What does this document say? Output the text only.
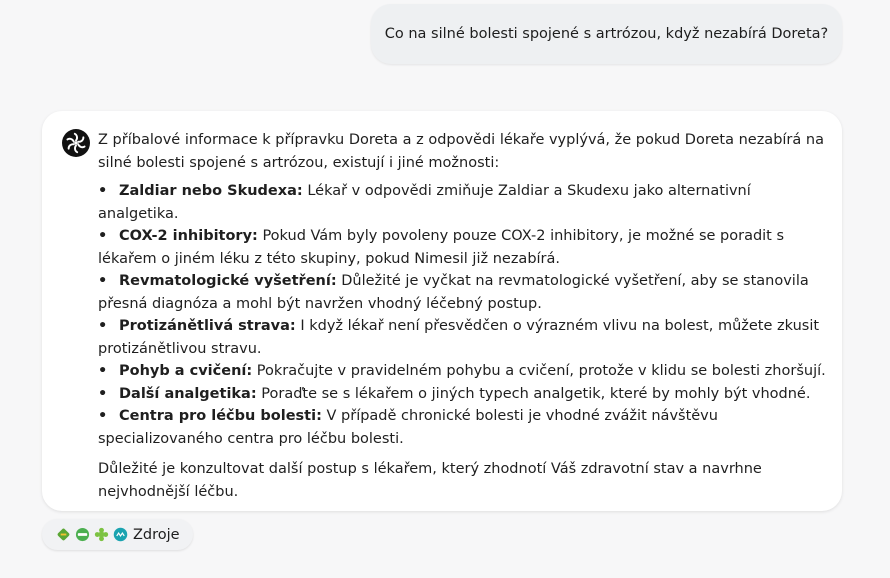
Co na silné bolesti spojené s artrózou, když nezabírá Doreta?

Z příbalové informace k přípravku Doreta a z odpovědi lékaře vyplývá, že pokud Doreta nezabírá na silné bolesti spojené s artrózou, existují i jiné možnosti:

• Zaldiar nebo Skudexa: Lékař v odpovědi zmiňuje Zaldiar a Skudexu jako alternativní analgetika.
• COX-2 inhibitory: Pokud Vám byly povoleny pouze COX-2 inhibitory, je možné se poradit s lékařem o jiném léku z této skupiny, pokud Nimesil již nezabírá.
• Revmatologické vyšetření: Důležité je vyčkat na revmatologické vyšetření, aby se stanovila přesná diagnóza a mohl být navržen vhodný léčebný postup.
• Protizánětlivá strava: I když lékař není přesvědčen o výrazném vlivu na bolest, můžete zkusit protizánětlivou stravu.
• Pohyb a cvičení: Pokračujte v pravidelném pohybu a cvičení, protože v klidu se bolesti zhoršují.
• Další analgetika: Poraďte se s lékařem o jiných typech analgetik, které by mohly být vhodné.
• Centra pro léčbu bolesti: V případě chronické bolesti je vhodné zvážit návštěvu specializovaného centra pro léčbu bolesti.

Důležité je konzultovat další postup s lékařem, který zhodnotí Váš zdravotní stav a navrhne nejvhodnější léčbu.

Zdroje
